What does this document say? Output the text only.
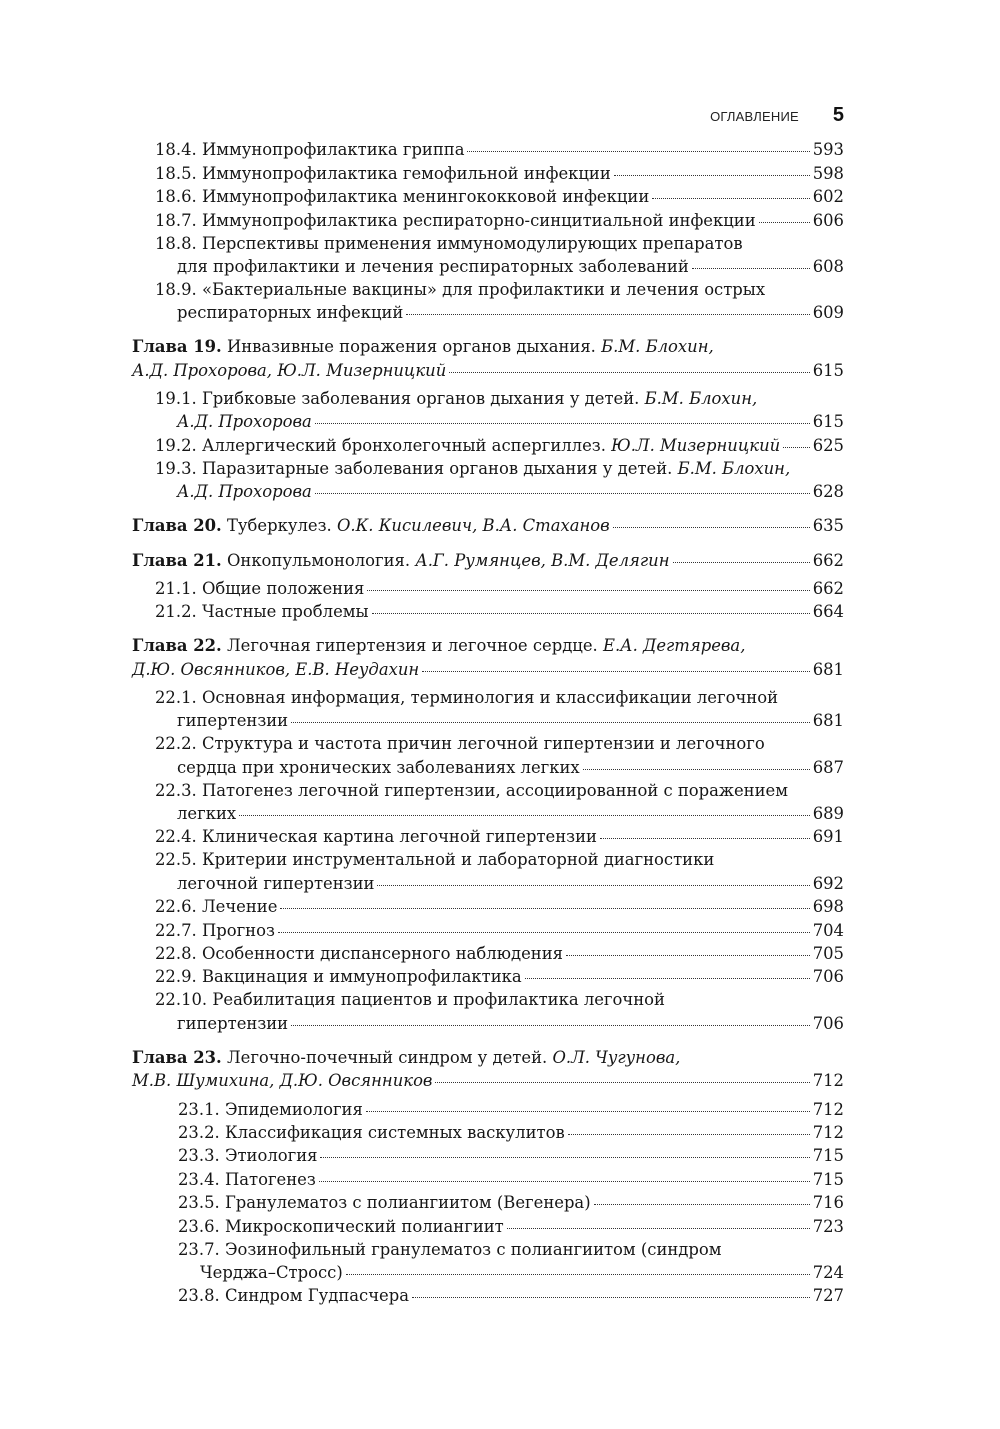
ОГЛАВЛЕНИЕ 5
18.4. Иммунопрофилактика гриппа	593
18.5. Иммунопрофилактика гемофильной инфекции	598
18.6. Иммунопрофилактика менингококковой инфекции	602
18.7. Иммунопрофилактика респираторно-синцитиальной инфекции	606
18.8. Перспективы применения иммуномодулирующих препаратов
для профилактики и лечения респираторных заболеваний	608
18.9. «Бактериальные вакцины» для профилактики и лечения острых
респираторных инфекций	609
Глава 19. Инвазивные поражения органов дыхания. Б.М. Блохин,
А.Д. Прохорова, Ю.Л. Мизерницкий	615
19.1. Грибковые заболевания органов дыхания у детей. Б.М. Блохин,
А.Д. Прохорова	615
19.2. Аллергический бронхолегочный аспергиллез. Ю.Л. Мизерницкий 625
19.3. Паразитарные заболевания органов дыхания у детей. Б.М. Блохин,
А.Д. Прохорова	628
Глава 20. Туберкулез. О.К. Кисилевич, В.А. Стаханов	635
Глава 21. Онкопульмонология. А.Г. Румянцев, В.М. Делягин	662
21.1. Общие положения	662
21.2. Частные проблемы	664
Глава 22. Легочная гипертензия и легочное сердце. Е.А. Дегтярева,
Д.Ю. Овсянников, Е.В. Неудахин	681
22.1. Основная информация, терминология и классификации легочной
гипертензии	681
22.2. Структура и частота причин легочной гипертензии и легочного
сердца при хронических заболеваниях легких	687
22.3. Патогенез легочной гипертензии, ассоциированной с поражением
легких	689
22.4. Клиническая картина легочной гипертензии	691
22.5. Критерии инструментальной и лабораторной диагностики
легочной гипертензии	692
22.6. Лечение	698
22.7. Прогноз	704
22.8. Особенности диспансерного наблюдения	705
22.9. Вакцинация и иммунопрофилактика	706
22.10. Реабилитация пациентов и профилактика легочной
гипертензии	706
Глава 23. Легочно-почечный синдром у детей. О.Л. Чугунова,
М.В. Шумихина, Д.Ю. Овсянников	712
23.1. Эпидемиология	712
23.2. Классификация системных васкулитов	712
23.3. Этиология	715
23.4. Патогенез	715
23.5. Гранулематоз с полиангиитом (Вегенера)	716
23.6. Микроскопический полиангиит	723
23.7. Эозинофильный гранулематоз с полиангиитом (синдром
Черджа–Стросс)	724
23.8. Синдром Гудпасчера	727
